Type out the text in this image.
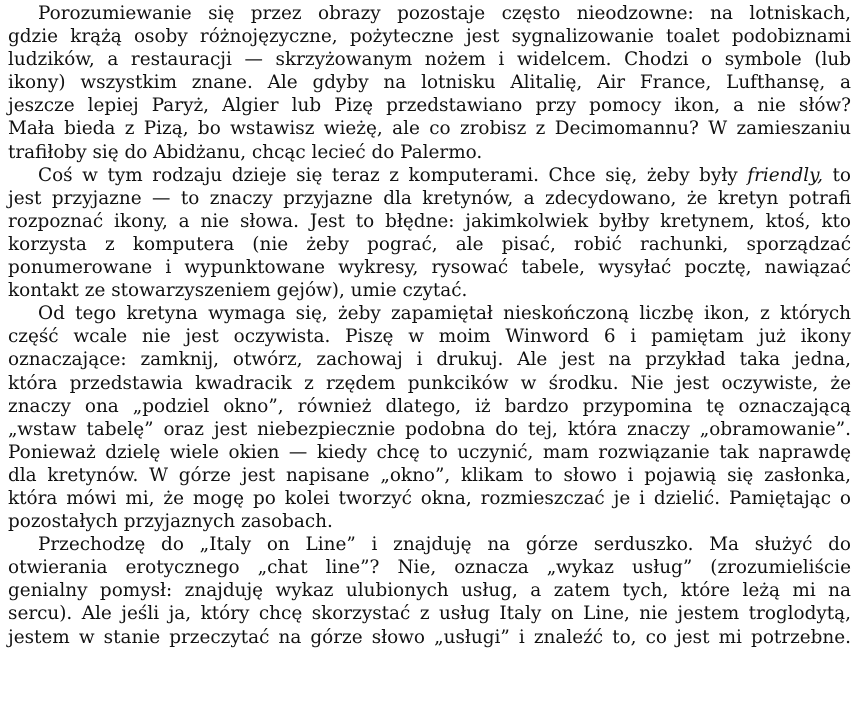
Porozumiewanie się przez obrazy pozostaje często nieodzowne: na lotniskach,
gdzie krążą osoby różnojęzyczne, pożyteczne jest sygnalizowanie toalet podobiznami
ludzików, a restauracji — skrzyżowanym nożem i widelcem. Chodzi o symbole (lub
ikony) wszystkim znane. Ale gdyby na lotnisku Alitalię, Air France, Lufthansę, a
jeszcze lepiej Paryż, Algier lub Pizę przedstawiano przy pomocy ikon, a nie słów?
Mała bieda z Pizą, bo wstawisz wieżę, ale co zrobisz z Decimomannu? W zamieszaniu
trafiłoby się do Abidżanu, chcąc lecieć do Palermo.
Coś w tym rodzaju dzieje się teraz z komputerami. Chce się, żeby były friendly, to
jest przyjazne — to znaczy przyjazne dla kretynów, a zdecydowano, że kretyn potrafi
rozpoznać ikony, a nie słowa. Jest to błędne: jakimkolwiek byłby kretynem, ktoś, kto
korzysta z komputera (nie żeby pograć, ale pisać, robić rachunki, sporządzać
ponumerowane i wypunktowane wykresy, rysować tabele, wysyłać pocztę, nawiązać
kontakt ze stowarzyszeniem gejów), umie czytać.
Od tego kretyna wymaga się, żeby zapamiętał nieskończoną liczbę ikon, z których
część wcale nie jest oczywista. Piszę w moim Winword 6 i pamiętam już ikony
oznaczające: zamknij, otwórz, zachowaj i drukuj. Ale jest na przykład taka jedna,
która przedstawia kwadracik z rzędem punkcików w środku. Nie jest oczywiste, że
znaczy ona „podziel okno”, również dlatego, iż bardzo przypomina tę oznaczającą
„wstaw tabelę” oraz jest niebezpiecznie podobna do tej, która znaczy „obramowanie”.
Ponieważ dzielę wiele okien — kiedy chcę to uczynić, mam rozwiązanie tak naprawdę
dla kretynów. W górze jest napisane „okno”, klikam to słowo i pojawią się zasłonka,
która mówi mi, że mogę po kolei tworzyć okna, rozmieszczać je i dzielić. Pamiętając o
pozostałych przyjaznych zasobach.
Przechodzę do „Italy on Line” i znajduję na górze serduszko. Ma służyć do
otwierania erotycznego „chat line”? Nie, oznacza „wykaz usług” (zrozumieliście
genialny pomysł: znajduję wykaz ulubionych usług, a zatem tych, które leżą mi na
sercu). Ale jeśli ja, który chcę skorzystać z usług Italy on Line, nie jestem troglodytą,
jestem w stanie przeczytać na górze słowo „usługi” i znaleźć to, co jest mi potrzebne.
